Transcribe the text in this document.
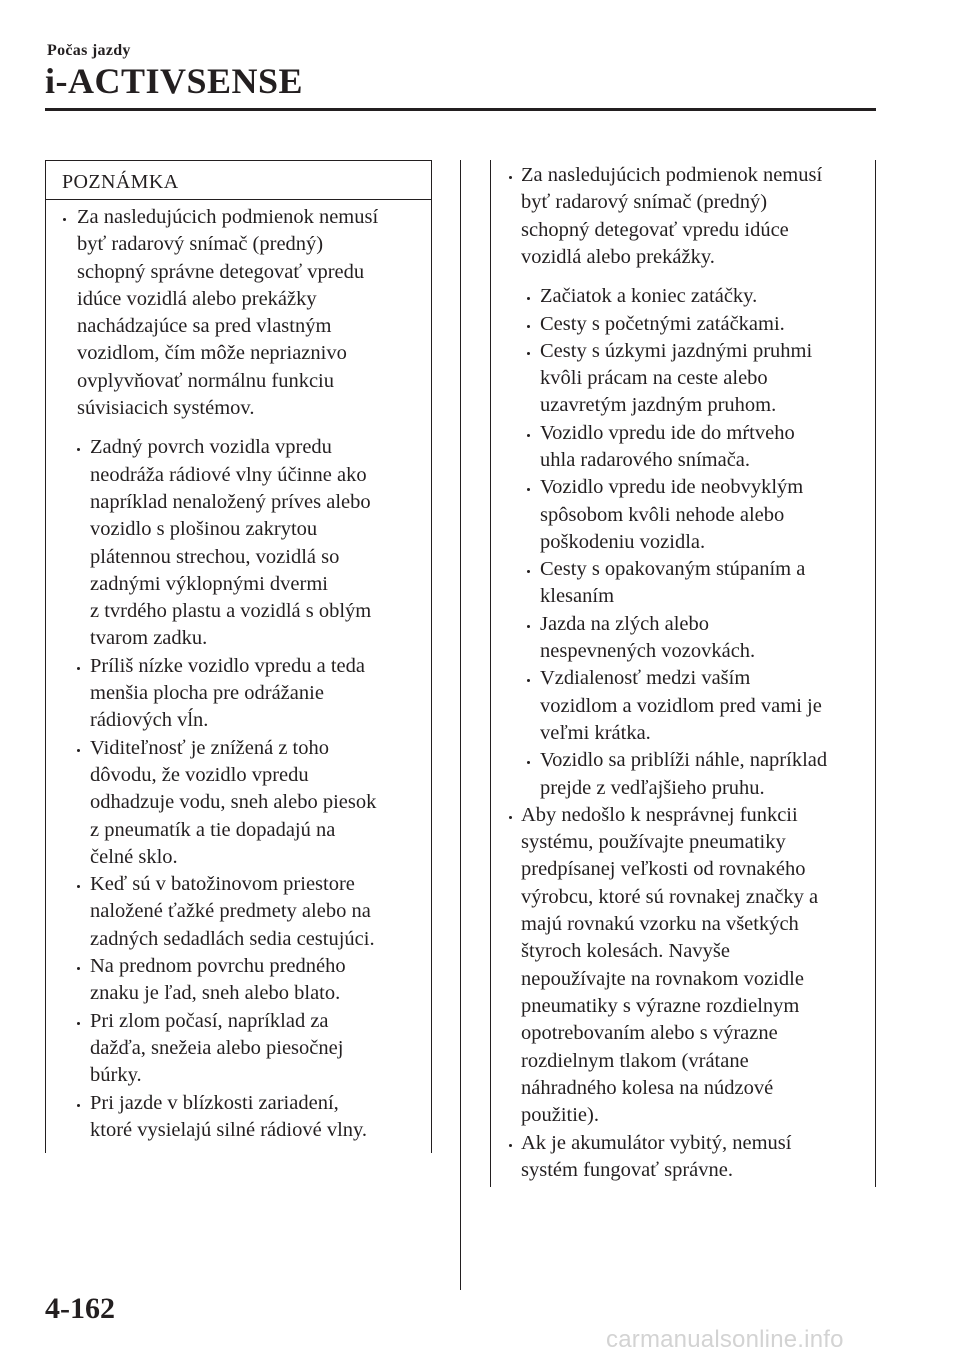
Počas jazdy
i-ACTIVSENSE
POZNÁMKA
Za nasledujúcich podmienok nemusí
byť radarový snímač (predný)
schopný správne detegovať vpredu
idúce vozidlá alebo prekážky
nachádzajúce sa pred vlastným
vozidlom, čím môže nepriaznivo
ovplyvňovať normálnu funkciu
súvisiacich systémov.
Zadný povrch vozidla vpredu
neodráža rádiové vlny účinne ako
napríklad nenaložený príves alebo
vozidlo s plošinou zakrytou
plátennou strechou, vozidlá so
zadnými výklopnými dvermi
z tvrdého plastu a vozidlá s oblým
tvarom zadku.
Príliš nízke vozidlo vpredu a teda
menšia plocha pre odrážanie
rádiových vĺn.
Viditeľnosť je znížená z toho
dôvodu, že vozidlo vpredu
odhadzuje vodu, sneh alebo piesok
z pneumatík a tie dopadajú na
čelné sklo.
Keď sú v batožinovom priestore
naložené ťažké predmety alebo na
zadných sedadlách sedia cestujúci.
Na prednom povrchu predného
znaku je ľad, sneh alebo blato.
Pri zlom počasí, napríklad za
dažďa, snežeia alebo piesočnej
búrky.
Pri jazde v blízkosti zariadení,
ktoré vysielajú silné rádiové vlny.
Za nasledujúcich podmienok nemusí
byť radarový snímač (predný)
schopný detegovať vpredu idúce
vozidlá alebo prekážky.
Začiatok a koniec zatáčky.
Cesty s početnými zatáčkami.
Cesty s úzkymi jazdnými pruhmi
kvôli prácam na ceste alebo
uzavretým jazdným pruhom.
Vozidlo vpredu ide do mŕtveho
uhla radarového snímača.
Vozidlo vpredu ide neobvyklým
spôsobom kvôli nehode alebo
poškodeniu vozidla.
Cesty s opakovaným stúpaním a
klesaním
Jazda na zlých alebo
nespevnených vozovkách.
Vzdialenosť medzi vaším
vozidlom a vozidlom pred vami je
veľmi krátka.
Vozidlo sa priblíži náhle, napríklad
prejde z vedľajšieho pruhu.
Aby nedošlo k nesprávnej funkcii
systému, používajte pneumatiky
predpísanej veľkosti od rovnakého
výrobcu, ktoré sú rovnakej značky a
majú rovnakú vzorku na všetkých
štyroch kolesách. Navyše
nepoužívajte na rovnakom vozidle
pneumatiky s výrazne rozdielnym
opotrebovaním alebo s výrazne
rozdielnym tlakom (vrátane
náhradného kolesa na núdzové
použitie).
Ak je akumulátor vybitý, nemusí
systém fungovať správne.
4-162
carmanualsonline.info
